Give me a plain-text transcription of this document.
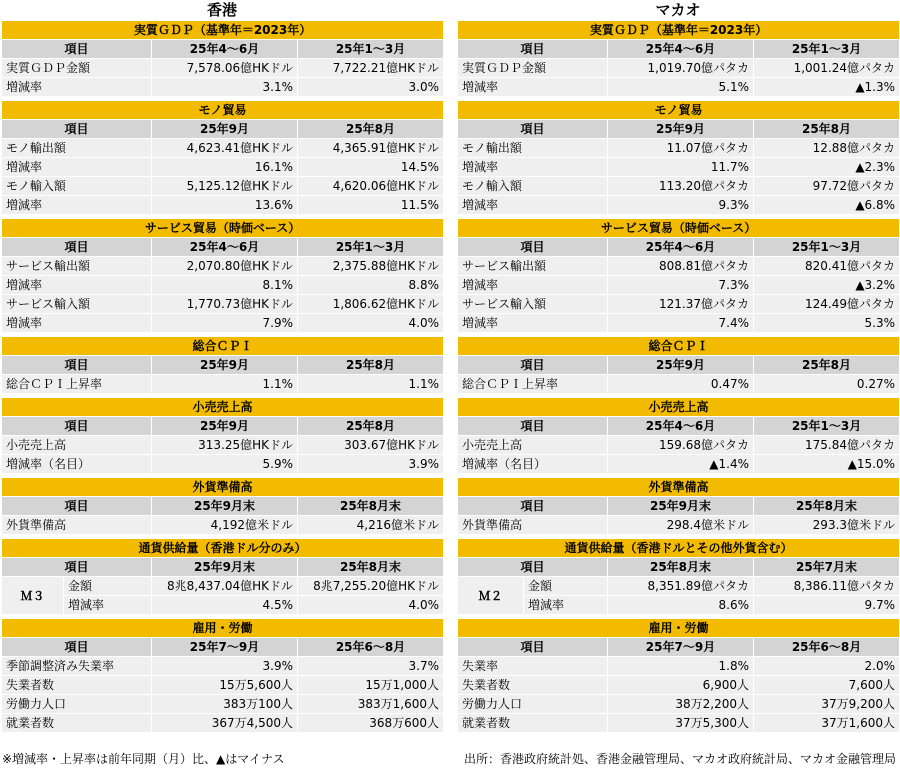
香港
実質ＧＤＰ（基準年＝2023年）			
項目		25年4〜6月	25年1〜3月
実質ＧＤＰ金額		7,578.06億HKドル	7,722.21億HKドル
増減率		3.1%	3.0%

モノ貿易			
項目		25年9月	25年8月
モノ輸出額		4,623.41億HKドル	4,365.91億HKドル
増減率		16.1%	14.5%
モノ輸入額		5,125.12億HKドル	4,620.06億HKドル
増減率		13.6%	11.5%

サービス貿易（時価ベース）			
項目		25年4〜6月	25年1〜3月
サービス輸出額		2,070.80億HKドル	2,375.88億HKドル
増減率		8.1%	8.8%
サービス輸入額		1,770.73億HKドル	1,806.62億HKドル
増減率		7.9%	4.0%

総合ＣＰＩ			
項目		25年9月	25年8月
総合ＣＰＩ上昇率		1.1%	1.1%

小売売上高			
項目		25年9月	25年8月
小売売上高		313.25億HKドル	303.67億HKドル
増減率（名目）		5.9%	3.9%

外貨準備高			
項目		25年9月末	25年8月末
外貨準備高		4,192億米ドル	4,216億米ドル

通貨供給量（香港ドル分のみ）			
項目		25年9月末	25年8月末
Ｍ３	金額	8兆8,437.04億HKドル	8兆7,255.20億HKドル
	増減率	4.5%	4.0%

雇用・労働			
項目		25年7〜9月	25年6〜8月
季節調整済み失業率		3.9%	3.7%
失業者数		15万5,600人	15万1,000人
労働力人口		383万100人	383万1,600人
就業者数		367万4,500人	368万600人
マカオ
実質ＧＤＰ（基準年＝2023年）			
項目		25年4〜6月	25年1〜3月
実質ＧＤＰ金額		1,019.70億パタカ	1,001.24億パタカ
増減率		5.1%	▲1.3%

モノ貿易			
項目		25年9月	25年8月
モノ輸出額		11.07億パタカ	12.88億パタカ
増減率		11.7%	▲2.3%
モノ輸入額		113.20億パタカ	97.72億パタカ
増減率		9.3%	▲6.8%

サービス貿易（時価ベース）			
項目		25年4〜6月	25年1〜3月
サービス輸出額		808.81億パタカ	820.41億パタカ
増減率		7.3%	▲3.2%
サービス輸入額		121.37億パタカ	124.49億パタカ
増減率		7.4%	5.3%

総合ＣＰＩ			
項目		25年9月	25年8月
総合ＣＰＩ上昇率		0.47%	0.27%

小売売上高			
項目		25年4〜6月	25年1〜3月
小売売上高		159.68億パタカ	175.84億パタカ
増減率（名目）		▲1.4%	▲15.0%

外貨準備高			
項目		25年9月末	25年8月末
外貨準備高		298.4億米ドル	293.3億米ドル

通貨供給量（香港ドルとその他外貨含む）			
項目		25年8月末	25年7月末
Ｍ２	金額	8,351.89億パタカ	8,386.11億パタカ
	増減率	8.6%	9.7%

雇用・労働			
項目		25年7〜9月	25年6〜8月
失業率		1.8%	2.0%
失業者数		6,900人	7,600人
労働力人口		38万2,200人	37万9,200人
就業者数		37万5,300人	37万1,600人
※増減率・上昇率は前年同期（月）比、▲はマイナス	出所：香港政府統計処、香港金融管理局、マカオ政府統計局、マカオ金融管理局
